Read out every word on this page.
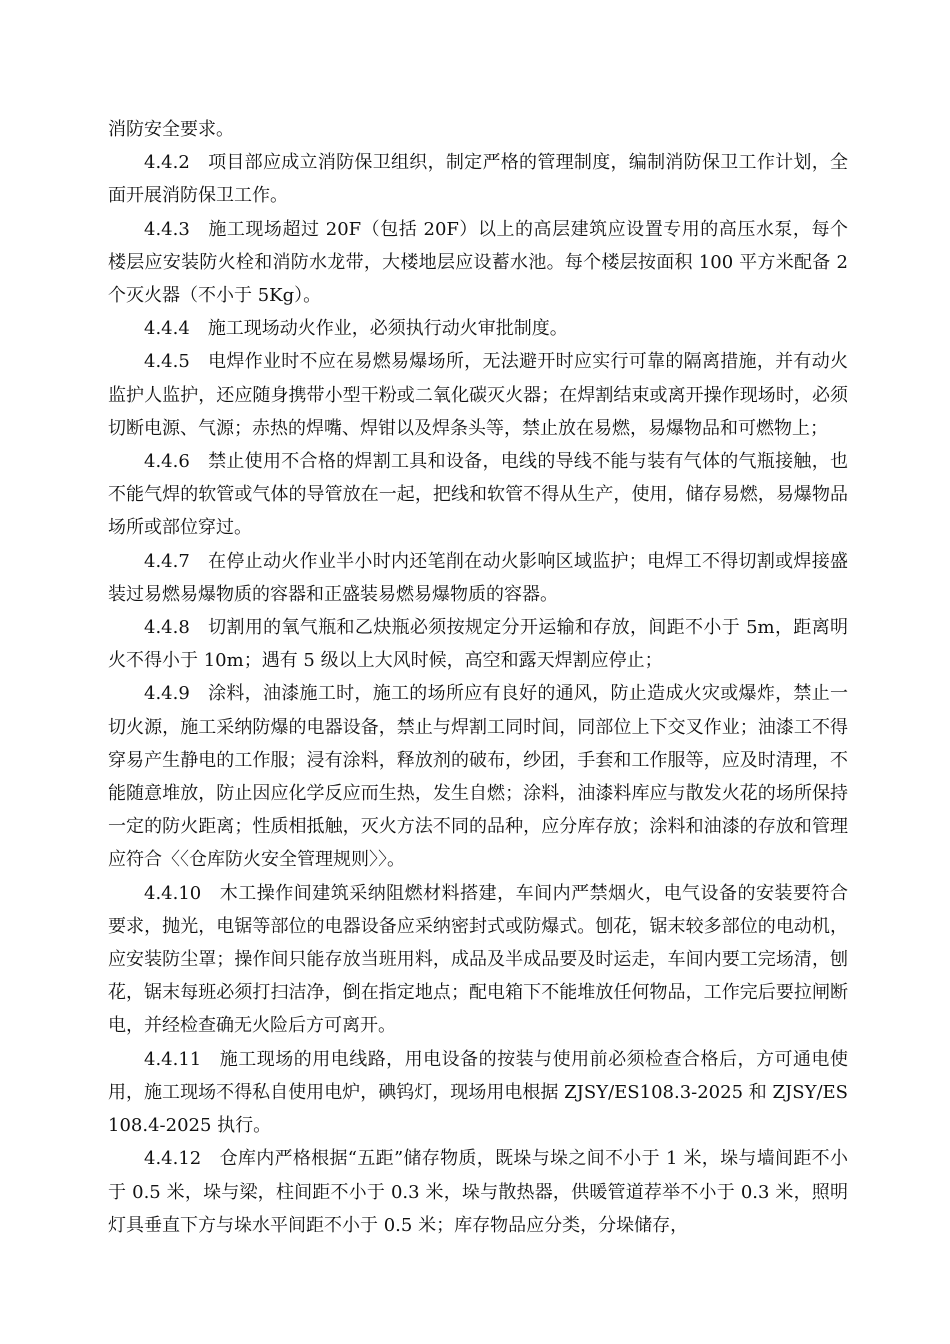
消防安全要求。

4.4.2 项目部应成立消防保卫组织，制定严格的管理制度，编制消防保卫工作计划，全面开展消防保卫工作。

4.4.3 施工现场超过 20F（包括 20F）以上的高层建筑应设置专用的高压水泵，每个楼层应安装防火栓和消防水龙带，大楼地层应设蓄水池。每个楼层按面积 100 平方米配备 2 个灭火器（不小于 5Kg）。

4.4.4 施工现场动火作业，必须执行动火审批制度。

4.4.5 电焊作业时不应在易燃易爆场所，无法避开时应实行可靠的隔离措施，并有动火监护人监护，还应随身携带小型干粉或二氧化碳灭火器；在焊割结束或离开操作现场时，必须切断电源、气源；赤热的焊嘴、焊钳以及焊条头等，禁止放在易燃，易爆物品和可燃物上；

4.4.6 禁止使用不合格的焊割工具和设备，电线的导线不能与装有气体的气瓶接触，也不能气焊的软管或气体的导管放在一起，把线和软管不得从生产，使用，储存易燃，易爆物品场所或部位穿过。

4.4.7 在停止动火作业半小时内还笔削在动火影响区域监护；电焊工不得切割或焊接盛装过易燃易爆物质的容器和正盛装易燃易爆物质的容器。

4.4.8 切割用的氧气瓶和乙炔瓶必须按规定分开运输和存放，间距不小于 5m，距离明火不得小于 10m；遇有 5 级以上大风时候，高空和露天焊割应停止；

4.4.9 涂料，油漆施工时，施工的场所应有良好的通风，防止造成火灾或爆炸，禁止一切火源，施工采纳防爆的电器设备，禁止与焊割工同时间，同部位上下交叉作业；油漆工不得穿易产生静电的工作服；浸有涂料，释放剂的破布，纱团，手套和工作服等，应及时清理，不能随意堆放，防止因应化学反应而生热，发生自燃；涂料，油漆料库应与散发火花的场所保持一定的防火距离；性质相抵触，灭火方法不同的品种，应分库存放；涂料和油漆的存放和管理应符合〈〈仓库防火安全管理规则〉〉。

4.4.10 木工操作间建筑采纳阻燃材料搭建，车间内严禁烟火，电气设备的安装要符合要求，抛光，电锯等部位的电器设备应采纳密封式或防爆式。刨花，锯末较多部位的电动机，应安装防尘罩；操作间只能存放当班用料，成品及半成品要及时运走，车间内要工完场清，刨花，锯末每班必须打扫洁净，倒在指定地点；配电箱下不能堆放任何物品，工作完后要拉闸断电，并经检查确无火险后方可离开。

4.4.11 施工现场的用电线路，用电设备的按装与使用前必须检查合格后，方可通电使用，施工现场不得私自使用电炉，碘钨灯，现场用电根据 ZJSY/ES108.3-2025 和 ZJSY/ES108.4-2025 执行。

4.4.12 仓库内严格根据“五距”储存物质，既垛与垛之间不小于 1 米，垛与墙间距不小于 0.5 米，垛与梁，柱间距不小于 0.3 米，垛与散热器，供暖管道荐举不小于 0.3 米，照明灯具垂直下方与垛水平间距不小于 0.5 米；库存物品应分类，分垛储存，
